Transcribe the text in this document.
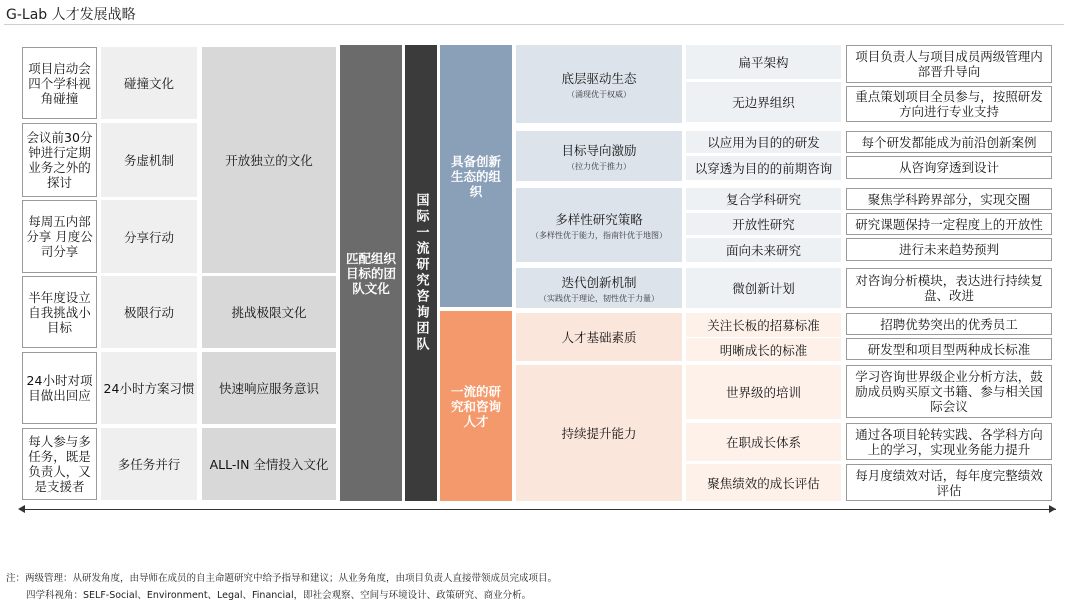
G-Lab 人才发展战略
项目启动会四个学科视角碰撞
会议前30分钟进行定期业务之外的探讨
每周五内部分享 月度公司分享
半年度设立自我挑战小目标
24小时对项目做出回应
每人参与多任务，既是负责人，又是支援者
碰撞文化
务虚机制
分享行动
极限行动
24小时方案习惯
多任务并行
开放独立的文化
挑战极限文化
快速响应服务意识
ALL-IN 全情投入文化
匹配组织目标的团队文化	国际一流研究咨询团队
具备创新生态的组织
一流的研究和咨询人才
底层驱动生态
（涌现优于权威）
目标导向激励
（拉力优于推力）
多样性研究策略
（多样性优于能力，指南针优于地图）
迭代创新机制
（实践优于理论，韧性优于力量）
人才基础素质
持续提升能力
扁平架构
无边界组织
以应用为目的的研发
以穿透为目的的前期咨询
复合学科研究
开放性研究
面向未来研究
微创新计划
关注长板的招募标准
明晰成长的标准
世界级的培训
在职成长体系
聚焦绩效的成长评估
项目负责人与项目成员两级管理内部晋升导向
重点策划项目全员参与，按照研发方向进行专业支持
每个研发都能成为前沿创新案例
从咨询穿透到设计
聚焦学科跨界部分，实现交圈
研究课题保持一定程度上的开放性
进行未来趋势预判
对咨询分析模块，表达进行持续复盘、改进
招聘优势突出的优秀员工
研发型和项目型两种成长标准
学习咨询世界级企业分析方法，鼓励成员购买原文书籍、参与相关国际会议
通过各项目轮转实践、各学科方向上的学习，实现业务能力提升
每月度绩效对话，每年度完整绩效评估
注：两级管理：从研发角度，由导师在成员的自主命题研究中给予指导和建议；从业务角度，由项目负责人直接带领成员完成项目。
四学科视角：SELF-Social、Environment、Legal、Financial，即社会观察、空间与环境设计、政策研究、商业分析。
